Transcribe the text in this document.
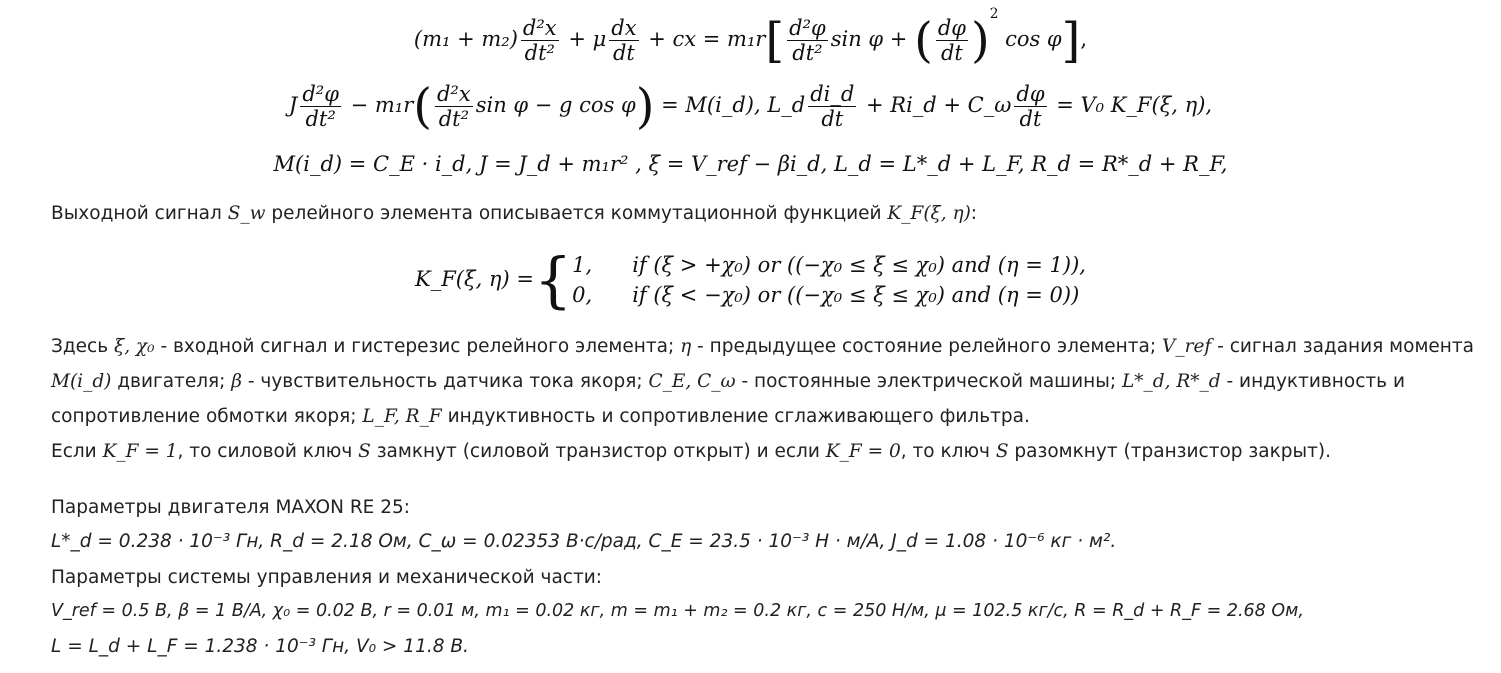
$(m_1 + m_2) \frac{\text{d²x}}{\text{dt²}} + \mu \frac{dx}{dt}$ + cx = $m_1r[ \frac{\text{d²φ}}{\text{dt²}}$ sin φ + ( $\frac{d\varphi}{dt} )^2$ cos φ],
J $\frac{\text{d²φ}}{\text{dt²}} - m_1r( \frac{\text{d²x}}{\text{dt²}}$ sin φ − g cos φ) = M(i_d), L_d $\frac{di\_d}{dt}$ + Ri_d + C_ω $\frac{d\varphi}{dt} = V_0$ K_F(ξ, η),
M(i_d) = C_E · i_d, J = J_d + m₁r² , ξ = V_ref − βi_d, L_d = L*_d + L_F, R_d = R*_d + R_F,
Выходной сигнал S_w релейного элемента описывается коммутационной функцией K_F(ξ, η):
K_F(ξ, η) ={ 1, if (ξ > +χ₀) or ((−χ₀ ≤ ξ ≤ χ₀) and (η = 1)),
0, if (ξ < −χ₀) or ((−χ₀ ≤ ξ ≤ χ₀) and (η = 0))
Здесь ξ, χ₀ - входной сигнал и гистерезис релейного элемента; η - предыдущее состояние релейного элемента; V_ref - сигнал задания момента
M(i_d) двигателя; β - чувствительность датчика тока якоря; C_E, C_ω - постоянные электрической машины; L*_d, R*_d - индуктивность и
сопротивление обмотки якоря; L_F, R_F индуктивность и сопротивление сглаживающего фильтра.
Если K_F = 1, то силовой ключ S замкнут (силовой транзистор открыт) и если K_F = 0, то ключ S разомкнут (транзистор закрыт).
Параметры двигателя MAXON RE 25:
L*_d = 0.238 · 10⁻³ Гн, R_d = 2.18 Ом, C_ω = 0.02353 В·с/рад, C_E = 23.5 · 10⁻³ Н · м/А, J_d = 1.08 · 10⁻⁶ кг · м².
Параметры системы управления и механической части:
V_ref = 0.5 В, β = 1 В/А, χ₀ = 0.02 В, r = 0.01 м, m₁ = 0.02 кг, m = m₁ + m₂ = 0.2 кг, c = 250 Н/м, μ = 102.5 кг/с, R = R_d + R_F = 2.68 Ом,
L = L_d + L_F = 1.238 · 10⁻³ Гн, V₀ > 11.8 В.
